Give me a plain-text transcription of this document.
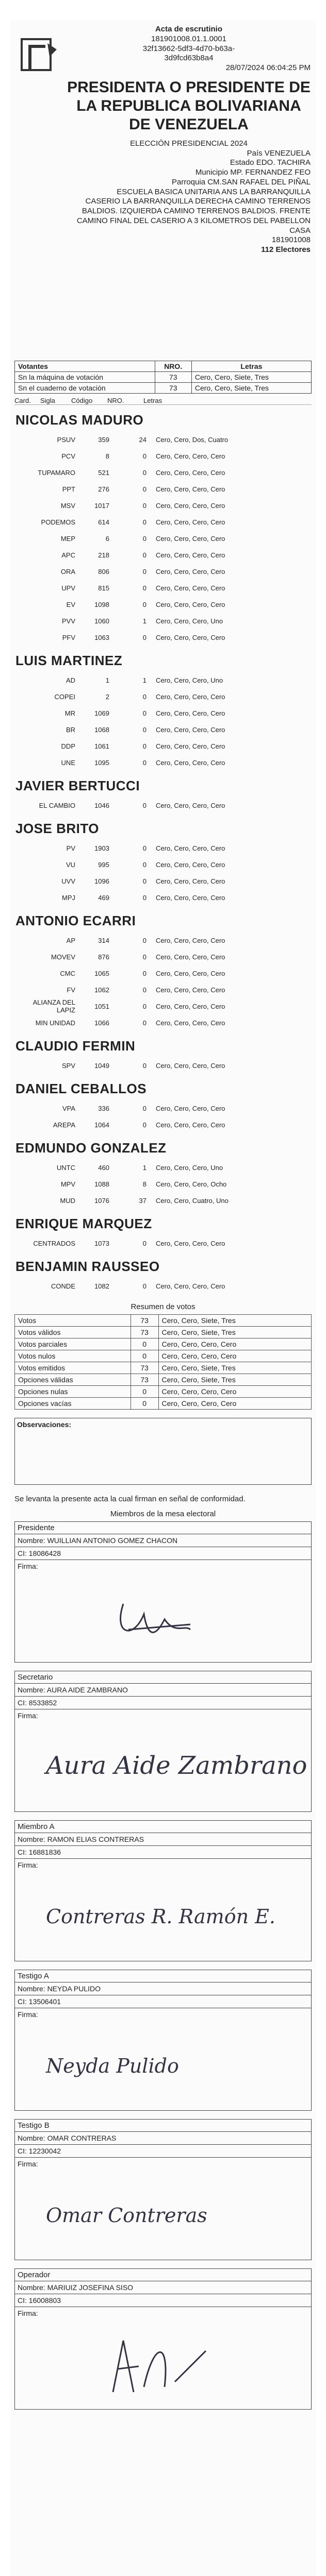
Acta de escrutinio
181901008.01.1.0001
32f13662-5df3-4d70-b63a-
3d9fcd63b8a4
28/07/2024 06:04:25 PM
PRESIDENTA O PRESIDENTE DE LA REPUBLICA BOLIVARIANA DE VENEZUELA
ELECCIÓN PRESIDENCIAL 2024
País VENEZUELA
Estado EDO. TACHIRA
Municipio MP. FERNANDEZ FEO
Parroquia CM.SAN RAFAEL DEL PIÑAL
ESCUELA BASICA UNITARIA ANS LA BARRANQUILLA
CASERIO LA BARRANQUILLA DERECHA CAMINO TERRENOS BALDIOS. IZQUIERDA CAMINO TERRENOS BALDIOS. FRENTE CAMINO FINAL DEL CASERIO A 3 KILOMETROS DEL PABELLON CASA
181901008
112 Electores
Votantes	NRO.	Letras
Sn la máquina de votación	73	Cero, Cero, Siete, Tres
Sn el cuaderno de votación	73	Cero, Cero, Siete, Tres
Card.	Sigla	Código	NRO.	Letras
NICOLAS MADURO
PSUV	359	24	Cero, Cero, Dos, Cuatro
PCV	8	0	Cero, Cero, Cero, Cero
TUPAMARO	521	0	Cero, Cero, Cero, Cero
PPT	276	0	Cero, Cero, Cero, Cero
MSV	1017	0	Cero, Cero, Cero, Cero
PODEMOS	614	0	Cero, Cero, Cero, Cero
MEP	6	0	Cero, Cero, Cero, Cero
APC	218	0	Cero, Cero, Cero, Cero
ORA	806	0	Cero, Cero, Cero, Cero
UPV	815	0	Cero, Cero, Cero, Cero
EV	1098	0	Cero, Cero, Cero, Cero
PVV	1060	1	Cero, Cero, Cero, Uno
PFV	1063	0	Cero, Cero, Cero, Cero
LUIS MARTINEZ
AD	1	1	Cero, Cero, Cero, Uno
COPEI	2	0	Cero, Cero, Cero, Cero
MR	1069	0	Cero, Cero, Cero, Cero
BR	1068	0	Cero, Cero, Cero, Cero
DDP	1061	0	Cero, Cero, Cero, Cero
UNE	1095	0	Cero, Cero, Cero, Cero
JAVIER BERTUCCI
EL CAMBIO	1046	0	Cero, Cero, Cero, Cero
JOSE BRITO
PV	1903	0	Cero, Cero, Cero, Cero
VU	995	0	Cero, Cero, Cero, Cero
UVV	1096	0	Cero, Cero, Cero, Cero
MPJ	469	0	Cero, Cero, Cero, Cero
ANTONIO ECARRI
AP	314	0	Cero, Cero, Cero, Cero
MOVEV	876	0	Cero, Cero, Cero, Cero
CMC	1065	0	Cero, Cero, Cero, Cero
FV	1062	0	Cero, Cero, Cero, Cero
ALIANZA DEL LAPIZ	1051	0	Cero, Cero, Cero, Cero
MIN UNIDAD	1066	0	Cero, Cero, Cero, Cero
CLAUDIO FERMIN
SPV	1049	0	Cero, Cero, Cero, Cero
DANIEL CEBALLOS
VPA	336	0	Cero, Cero, Cero, Cero
AREPA	1064	0	Cero, Cero, Cero, Cero
EDMUNDO GONZALEZ
UNTC	460	1	Cero, Cero, Cero, Uno
MPV	1088	8	Cero, Cero, Cero, Ocho
MUD	1076	37	Cero, Cero, Cuatro, Uno
ENRIQUE MARQUEZ
CENTRADOS	1073	0	Cero, Cero, Cero, Cero
BENJAMIN RAUSSEO
CONDE	1082	0	Cero, Cero, Cero, Cero
Resumen de votos
Votos	73	Cero, Cero, Siete, Tres
Votos válidos	73	Cero, Cero, Siete, Tres
Votos parciales	0	Cero, Cero, Cero, Cero
Votos nulos	0	Cero, Cero, Cero, Cero
Votos emitidos	73	Cero, Cero, Siete, Tres
Opciones válidas	73	Cero, Cero, Siete, Tres
Opciones nulas	0	Cero, Cero, Cero, Cero
Opciones vacías	0	Cero, Cero, Cero, Cero
Observaciones:
Se levanta la presente acta la cual firman en señal de conformidad.
Miembros de la mesa electoral
Presidente
Nombre: WUILLIAN ANTONIO GOMEZ CHACON
CI: 18086428
Firma:
Secretario
Nombre: AURA AIDE ZAMBRANO
CI: 8533852
Firma:
Aura Aide Zambrano
Miembro A
Nombre: RAMON ELIAS CONTRERAS
CI: 16881836
Firma:
Contreras R. Ramón E.
Testigo A
Nombre: NEYDA PULIDO
CI: 13506401
Firma:
Neyda Pulido
Testigo B
Nombre: OMAR CONTRERAS
CI: 12230042
Firma:
Omar Contreras
Operador
Nombre: MARIUIZ JOSEFINA SISO
CI: 16008803
Firma:
